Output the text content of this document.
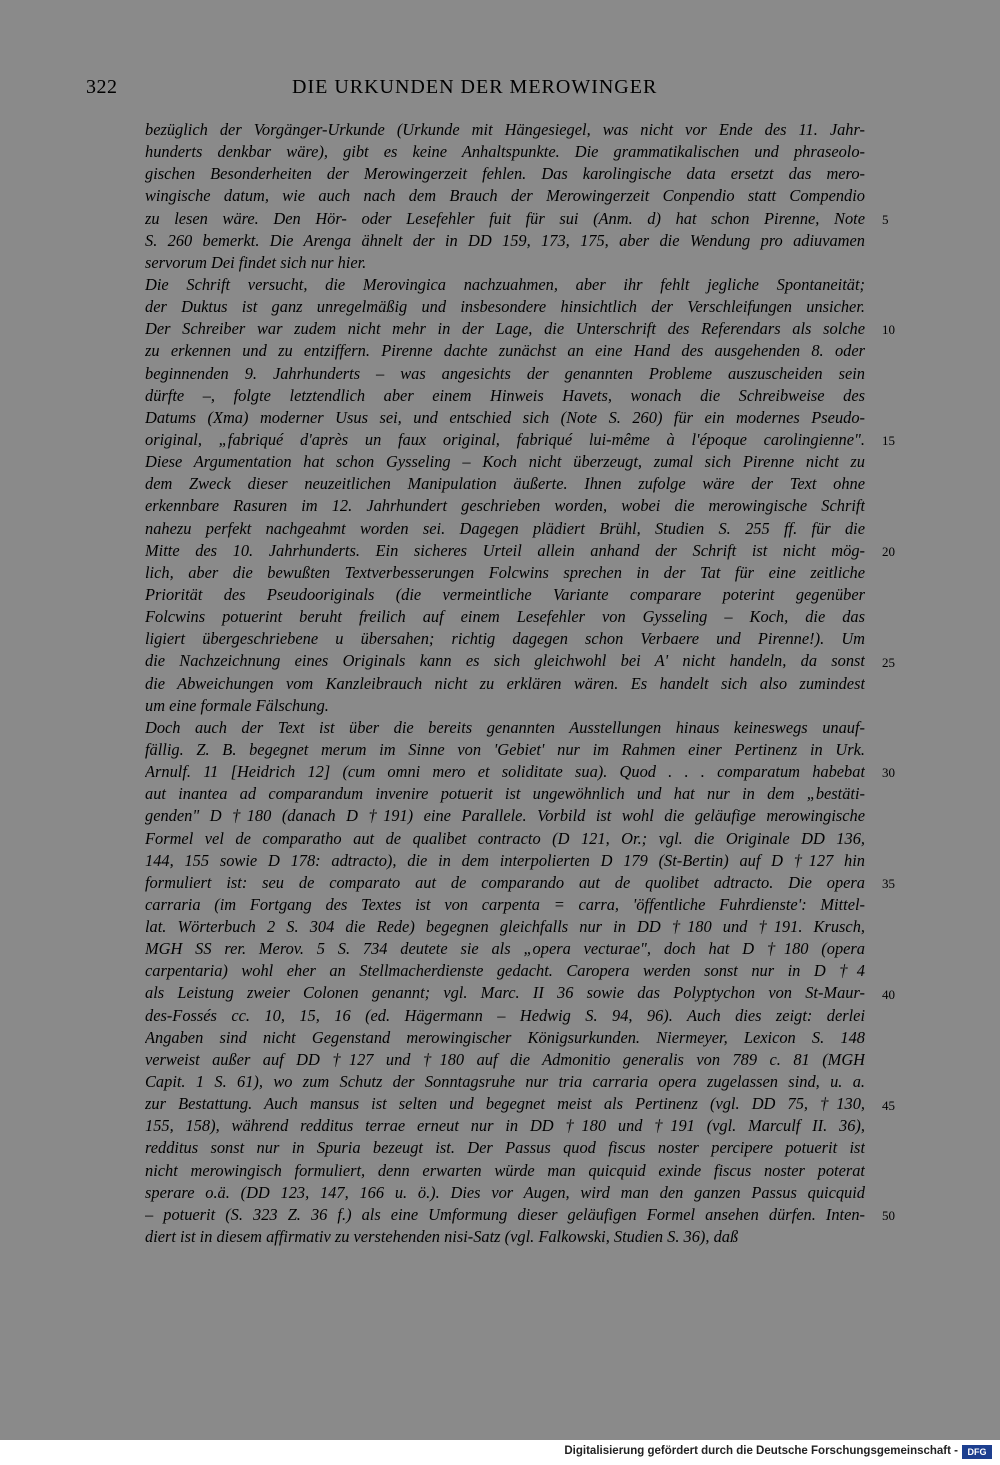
322	DIE URKUNDEN DER MEROWINGER
bezüglich der Vorgänger-Urkunde (Urkunde mit Hängesiegel, was nicht vor Ende des 11. Jahr-
hunderts denkbar wäre), gibt es keine Anhaltspunkte. Die grammatikalischen und phraseolo-
gischen Besonderheiten der Merowingerzeit fehlen. Das karolingische data ersetzt das mero-
wingische datum, wie auch nach dem Brauch der Merowingerzeit Conpendio statt Compendio
zu lesen wäre. Den Hör- oder Lesefehler fuit für sui (Anm. d) hat schon Pirenne, Note
S. 260 bemerkt. Die Arenga ähnelt der in DD 159, 173, 175, aber die Wendung pro adiuvamen
servorum Dei findet sich nur hier.
Die Schrift versucht, die Merovingica nachzuahmen, aber ihr fehlt jegliche Spontaneität;
der Duktus ist ganz unregelmäßig und insbesondere hinsichtlich der Verschleifungen unsicher.
Der Schreiber war zudem nicht mehr in der Lage, die Unterschrift des Referendars als solche
zu erkennen und zu entziffern. Pirenne dachte zunächst an eine Hand des ausgehenden 8. oder
beginnenden 9. Jahrhunderts – was angesichts der genannten Probleme auszuscheiden sein
dürfte –, folgte letztendlich aber einem Hinweis Havets, wonach die Schreibweise des
Datums (Xma) moderner Usus sei, und entschied sich (Note S. 260) für ein modernes Pseudo-
original, „fabriqué d'après un faux original, fabriqué lui-même à l'époque carolingienne".
Diese Argumentation hat schon Gysseling – Koch nicht überzeugt, zumal sich Pirenne nicht zu
dem Zweck dieser neuzeitlichen Manipulation äußerte. Ihnen zufolge wäre der Text ohne
erkennbare Rasuren im 12. Jahrhundert geschrieben worden, wobei die merowingische Schrift
nahezu perfekt nachgeahmt worden sei. Dagegen plädiert Brühl, Studien S. 255 ff. für die
Mitte des 10. Jahrhunderts. Ein sicheres Urteil allein anhand der Schrift ist nicht mög-
lich, aber die bewußten Textverbesserungen Folcwins sprechen in der Tat für eine zeitliche
Priorität des Pseudooriginals (die vermeintliche Variante comparare poterint gegenüber
Folcwins potuerint beruht freilich auf einem Lesefehler von Gysseling – Koch, die das
ligiert übergeschriebene u übersahen; richtig dagegen schon Verbaere und Pirenne!). Um
die Nachzeichnung eines Originals kann es sich gleichwohl bei A' nicht handeln, da sonst
die Abweichungen vom Kanzleibrauch nicht zu erklären wären. Es handelt sich also zumindest
um eine formale Fälschung.
Doch auch der Text ist über die bereits genannten Ausstellungen hinaus keineswegs unauf-
fällig. Z. B. begegnet merum im Sinne von 'Gebiet' nur im Rahmen einer Pertinenz in Urk.
Arnulf. 11 [Heidrich 12] (cum omni mero et soliditate sua). Quod . . . comparatum habebat
aut inantea ad comparandum invenire potuerit ist ungewöhnlich und hat nur in dem „bestäti-
genden" D †180 (danach D †191) eine Parallele. Vorbild ist wohl die geläufige merowingische
Formel vel de comparatho aut de qualibet contracto (D 121, Or.; vgl. die Originale DD 136,
144, 155 sowie D 178: adtracto), die in dem interpolierten D 179 (St-Bertin) auf D †127 hin
formuliert ist: seu de comparato aut de comparando aut de quolibet adtracto. Die opera
carraria (im Fortgang des Textes ist von carpenta = carra, 'öffentliche Fuhrdienste': Mittel-
lat. Wörterbuch 2 S. 304 die Rede) begegnen gleichfalls nur in DD †180 und †191. Krusch,
MGH SS rer. Merov. 5 S. 734 deutete sie als „opera vecturae", doch hat D †180 (opera
carpentaria) wohl eher an Stellmacherdienste gedacht. Caropera werden sonst nur in D †4
als Leistung zweier Colonen genannt; vgl. Marc. II 36 sowie das Polyptychon von St-Maur-
des-Fossés cc. 10, 15, 16 (ed. Hägermann – Hedwig S. 94, 96). Auch dies zeigt: derlei
Angaben sind nicht Gegenstand merowingischer Königsurkunden. Niermeyer, Lexicon S. 148
verweist außer auf DD †127 und †180 auf die Admonitio generalis von 789 c. 81 (MGH
Capit. 1 S. 61), wo zum Schutz der Sonntagsruhe nur tria carraria opera zugelassen sind, u. a.
zur Bestattung. Auch mansus ist selten und begegnet meist als Pertinenz (vgl. DD 75, †130,
155, 158), während redditus terrae erneut nur in DD †180 und †191 (vgl. Marculf II. 36),
redditus sonst nur in Spuria bezeugt ist. Der Passus quod fiscus noster percipere potuerit ist
nicht merowingisch formuliert, denn erwarten würde man quicquid exinde fiscus noster poterat
sperare o.ä. (DD 123, 147, 166 u. ö.). Dies vor Augen, wird man den ganzen Passus quicquid
– potuerit (S. 323 Z. 36 f.) als eine Umformung dieser geläufigen Formel ansehen dürfen. Inten-
diert ist in diesem affirmativ zu verstehenden nisi-Satz (vgl. Falkowski, Studien S. 36), daß
5
10
15
20
25
30
35
40
45
50
Digitalisierung gefördert durch die Deutsche Forschungsgemeinschaft -	DFG
